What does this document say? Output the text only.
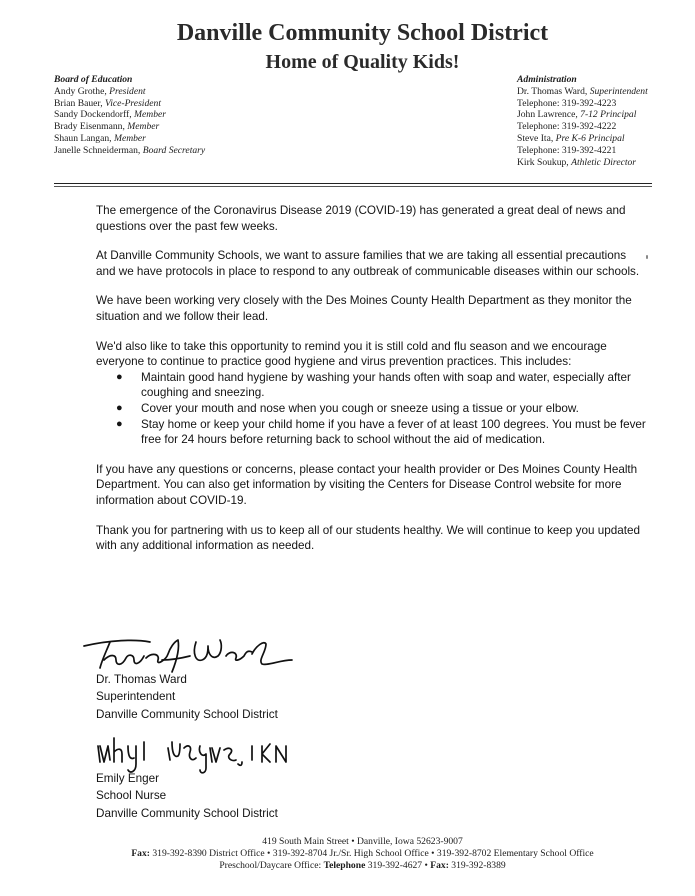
Danville Community School District
Home of Quality Kids!
Board of Education
Andy Grothe, President
Brian Bauer, Vice-President
Sandy Dockendorff, Member
Brady Eisenmann, Member
Shaun Langan, Member
Janelle Schneiderman, Board Secretary
Administration
Dr. Thomas Ward, Superintendent
Telephone: 319-392-4223
John Lawrence, 7-12 Principal
Telephone: 319-392-4222
Steve Ita, Pre K-6 Principal
Telephone: 319-392-4221
Kirk Soukup, Athletic Director

The emergence of the Coronavirus Disease 2019 (COVID-19) has generated a great deal of news and questions over the past few weeks.

At Danville Community Schools, we want to assure families that we are taking all essential precautions and we have protocols in place to respond to any outbreak of communicable diseases within our schools.

We have been working very closely with the Des Moines County Health Department as they monitor the situation and we follow their lead.

We'd also like to take this opportunity to remind you it is still cold and flu season and we encourage everyone to continue to practice good hygiene and virus prevention practices. This includes:

● Maintain good hand hygiene by washing your hands often with soap and water, especially after coughing and sneezing.
● Cover your mouth and nose when you cough or sneeze using a tissue or your elbow.
● Stay home or keep your child home if you have a fever of at least 100 degrees. You must be fever free for 24 hours before returning back to school without the aid of medication.

If you have any questions or concerns, please contact your health provider or Des Moines County Health Department. You can also get information by visiting the Centers for Disease Control website for more information about COVID-19.

Thank you for partnering with us to keep all of our students healthy. We will continue to keep you updated with any additional information as needed.

Dr. Thomas Ward
Superintendent
Danville Community School District
Emily Enger
School Nurse
Danville Community School District
419 South Main Street • Danville, Iowa 52623-9007
Fax: 319-392-8390 District Office • 319-392-8704 Jr./Sr. High School Office • 319-392-8702 Elementary School Office
Preschool/Daycare Office: Telephone 319-392-4627 • Fax: 319-392-8389
